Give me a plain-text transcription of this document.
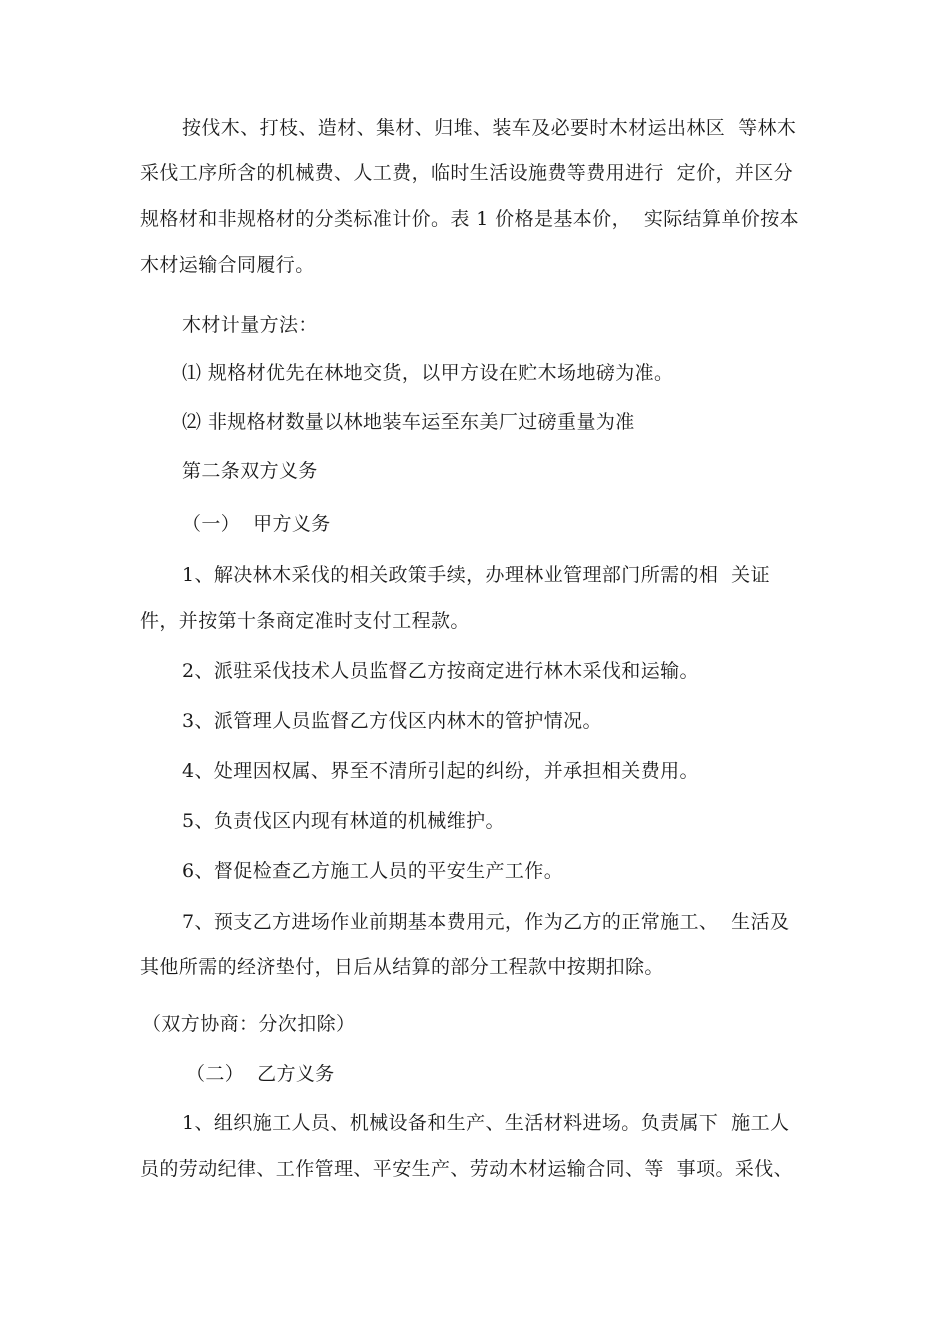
按伐木、打枝、造材、集材、归堆、装车及必要时木材运出林区  等林木
采伐工序所含的机械费、人工费，临时生活设施费等费用进行  定价，并区分
规格材和非规格材的分类标准计价。表 1 价格是基本价，  实际结算单价按本
木材运输合同履行。
木材计量方法：
⑴ 规格材优先在林地交货，以甲方设在贮木场地磅为准。
⑵ 非规格材数量以林地装车运至东美厂过磅重量为准
第二条双方义务
（一）  甲方义务
1、解决林木采伐的相关政策手续，办理林业管理部门所需的相  关证
件，并按第十条商定准时支付工程款。
2、派驻采伐技术人员监督乙方按商定进行林木采伐和运输。
3、派管理人员监督乙方伐区内林木的管护情况。
4、处理因权属、界至不清所引起的纠纷，并承担相关费用。
5、负责伐区内现有林道的机械维护。
6、督促检查乙方施工人员的平安生产工作。
7、预支乙方进场作业前期基本费用元，作为乙方的正常施工、  生活及
其他所需的经济垫付，日后从结算的部分工程款中按期扣除。
（双方协商：分次扣除）
（二）  乙方义务
1、组织施工人员、机械设备和生产、生活材料进场。负责属下  施工人
员的劳动纪律、工作管理、平安生产、劳动木材运输合同、等  事项。采伐、
